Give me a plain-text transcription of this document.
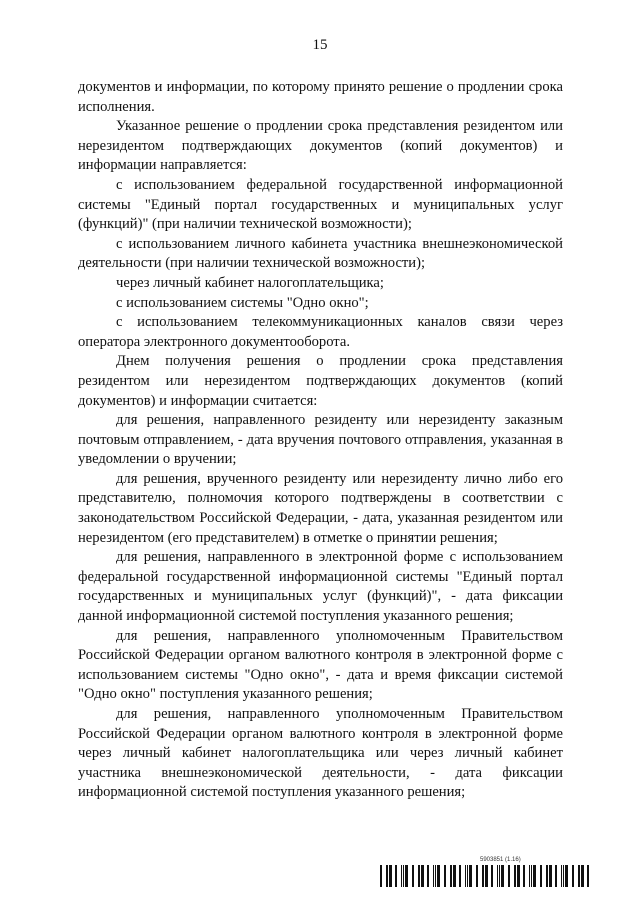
15

документов и информации, по которому принято решение о продлении срока исполнения.

Указанное решение о продлении срока представления резидентом или нерезидентом подтверждающих документов (копий документов) и информации направляется:

с использованием федеральной государственной информационной системы "Единый портал государственных и муниципальных услуг (функций)" (при наличии технической возможности);

с использованием личного кабинета участника внешнеэкономической деятельности (при наличии технической возможности);

через личный кабинет налогоплательщика;

с использованием системы "Одно окно";

с использованием телекоммуникационных каналов связи через оператора электронного документооборота.

Днем получения решения о продлении срока представления резидентом или нерезидентом подтверждающих документов (копий документов) и информации считается:

для решения, направленного резиденту или нерезиденту заказным почтовым отправлением, - дата вручения почтового отправления, указанная в уведомлении о вручении;

для решения, врученного резиденту или нерезиденту лично либо его представителю, полномочия которого подтверждены в соответствии с законодательством Российской Федерации, - дата, указанная резидентом или нерезидентом (его представителем) в отметке о принятии решения;

для решения, направленного в электронной форме с использованием федеральной государственной информационной системы "Единый портал государственных и муниципальных услуг (функций)", - дата фиксации данной информационной системой поступления указанного решения;

для решения, направленного уполномоченным Правительством Российской Федерации органом валютного контроля в электронной форме с использованием системы "Одно окно", - дата и время фиксации системой "Одно окно" поступления указанного решения;

для решения, направленного уполномоченным Правительством Российской Федерации органом валютного контроля в электронной форме через личный кабинет налогоплательщика или через личный кабинет участника внешнеэкономической деятельности, - дата фиксации информационной системой поступления указанного решения;

5903851 (1.16)
